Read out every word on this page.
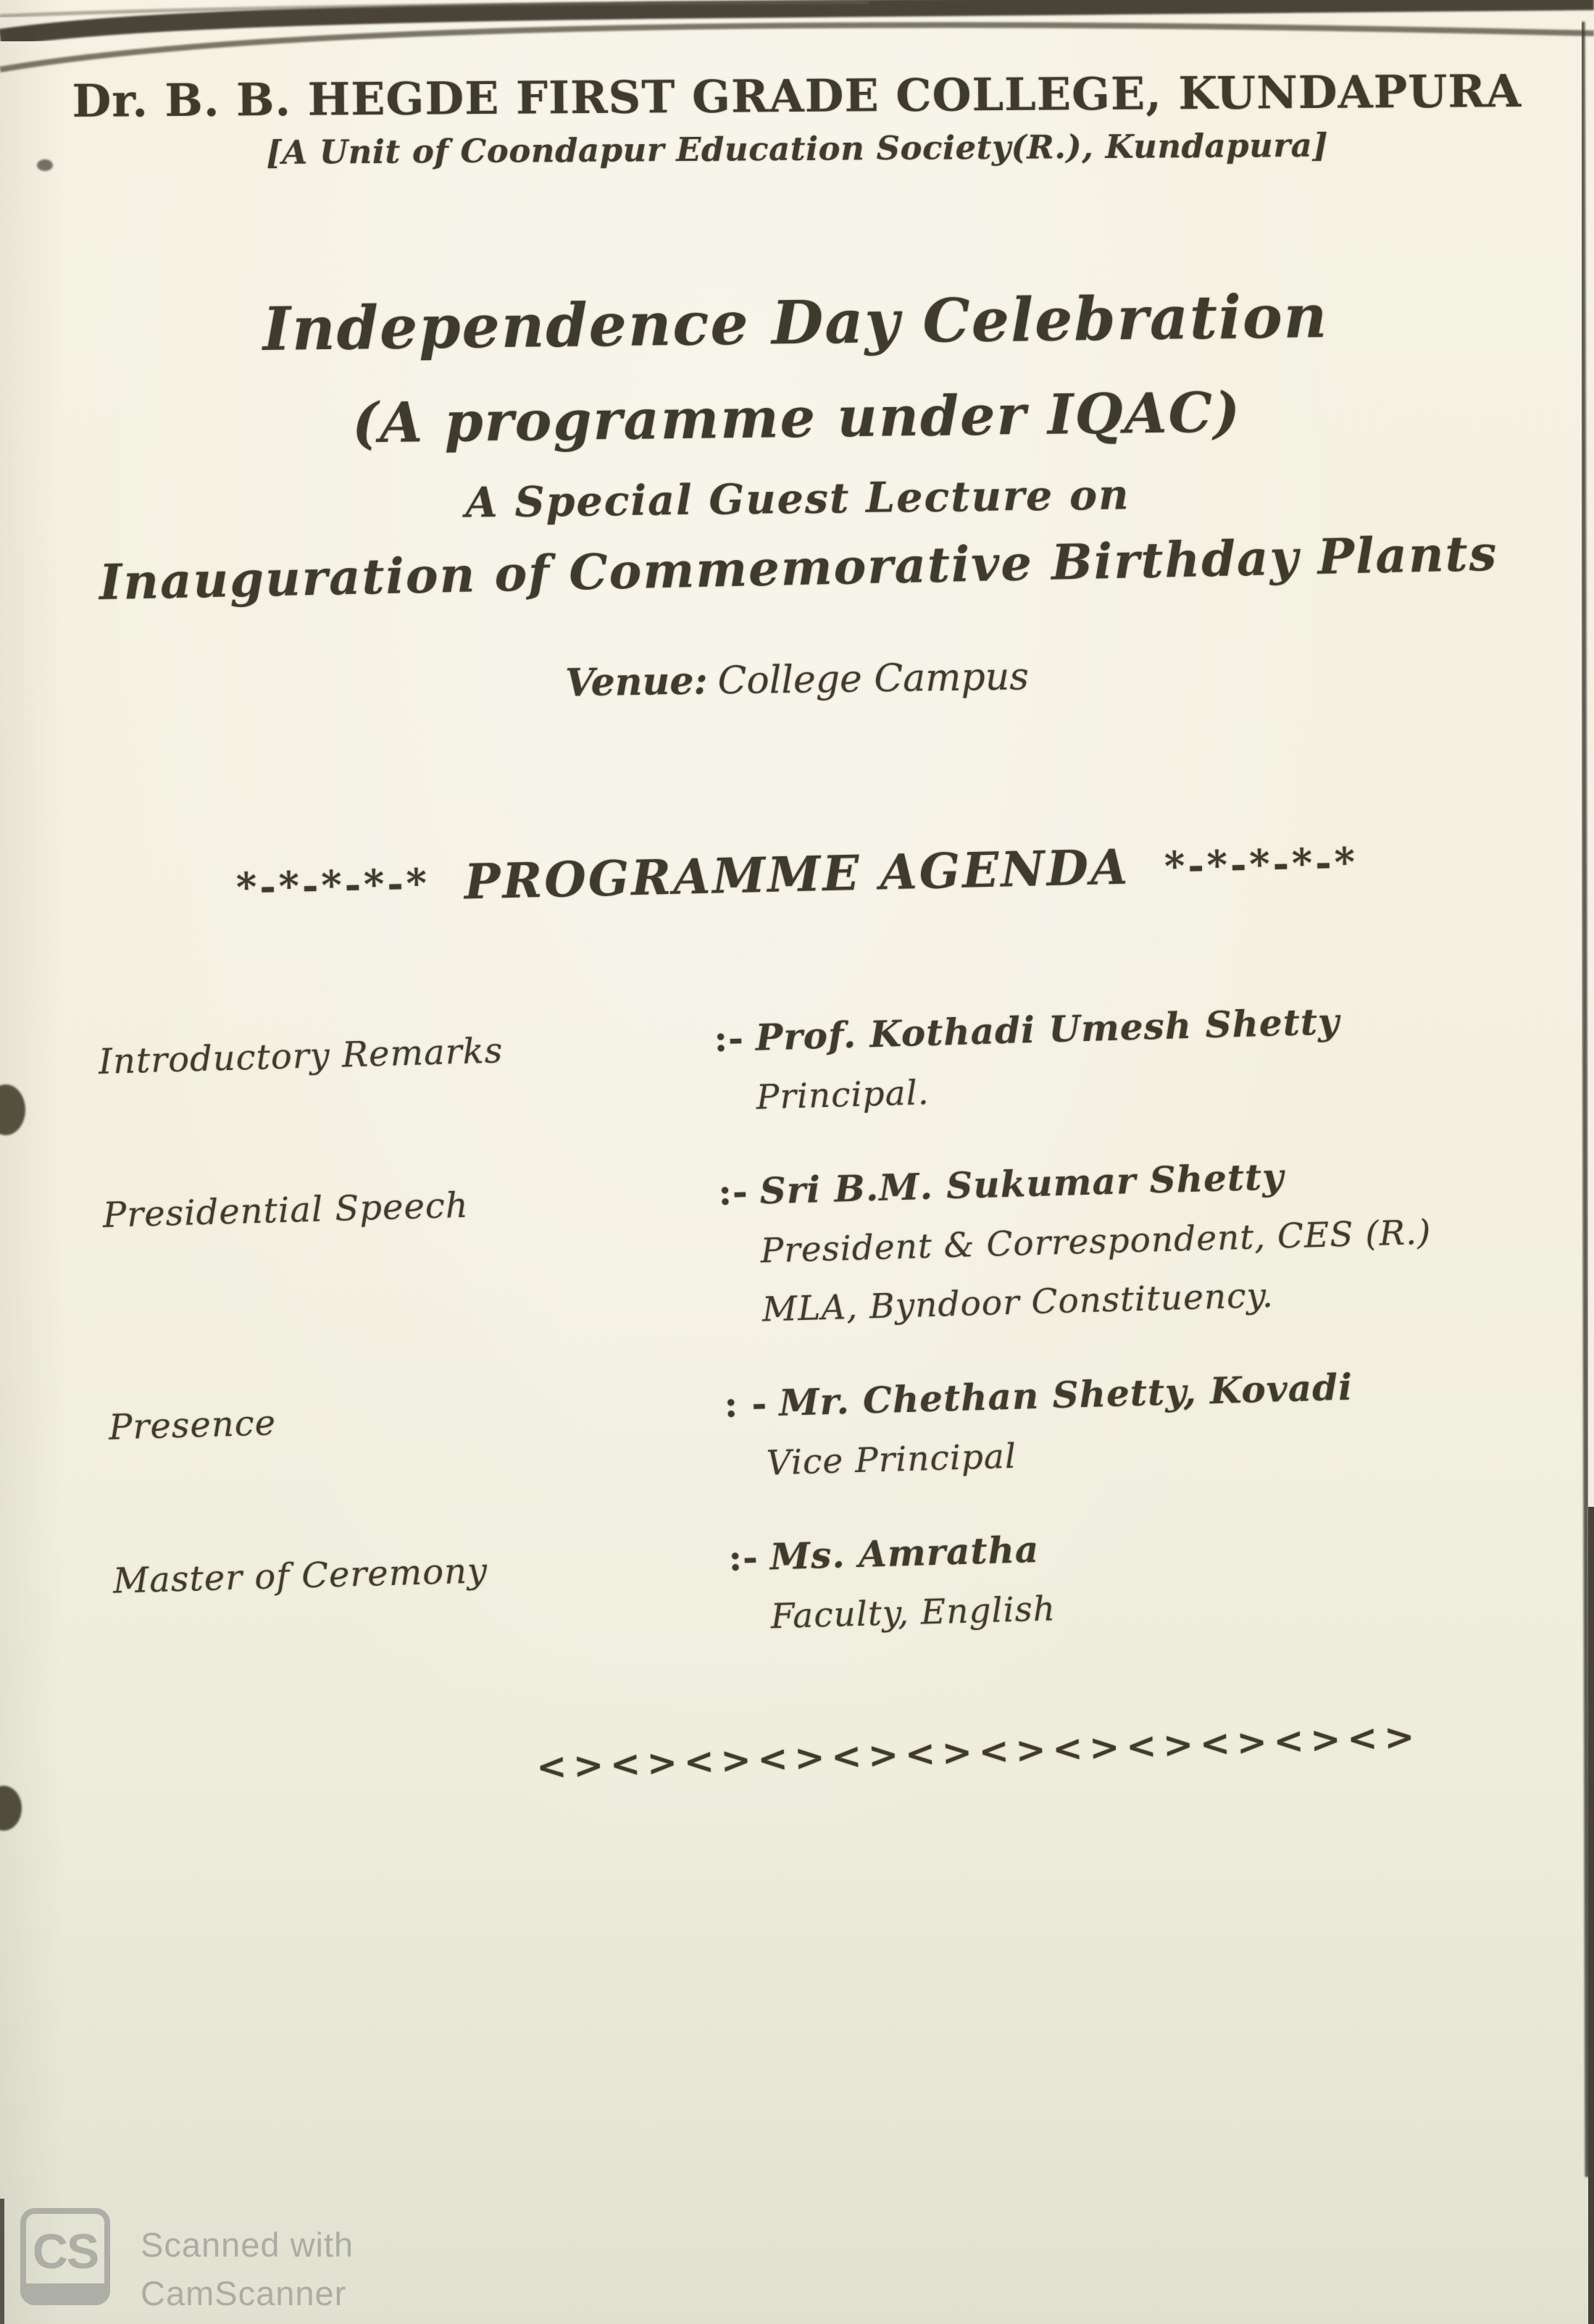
Dr. B. B. HEGDE FIRST GRADE COLLEGE, KUNDAPURA
[A Unit of Coondapur Education Society(R.), Kundapura]
Independence Day Celebration
(A programme under IQAC)
A Special Guest Lecture on
Inauguration of Commemorative Birthday Plants
Venue: College Campus
*-*-*-*-* PROGRAMME AGENDA *-*-*-*-*
Introductory Remarks	:- Prof. Kothadi Umesh Shetty
Principal.
Presidential Speech	:- Sri B.M. Sukumar Shetty
President & Correspondent, CES (R.)
MLA, Byndoor Constituency.
Presence	: - Mr. Chethan Shetty, Kovadi
Vice Principal
Master of Ceremony	:- Ms. Amratha
Faculty, English
<><><><><><><><><><><><>
CS Scanned with
CamScanner
